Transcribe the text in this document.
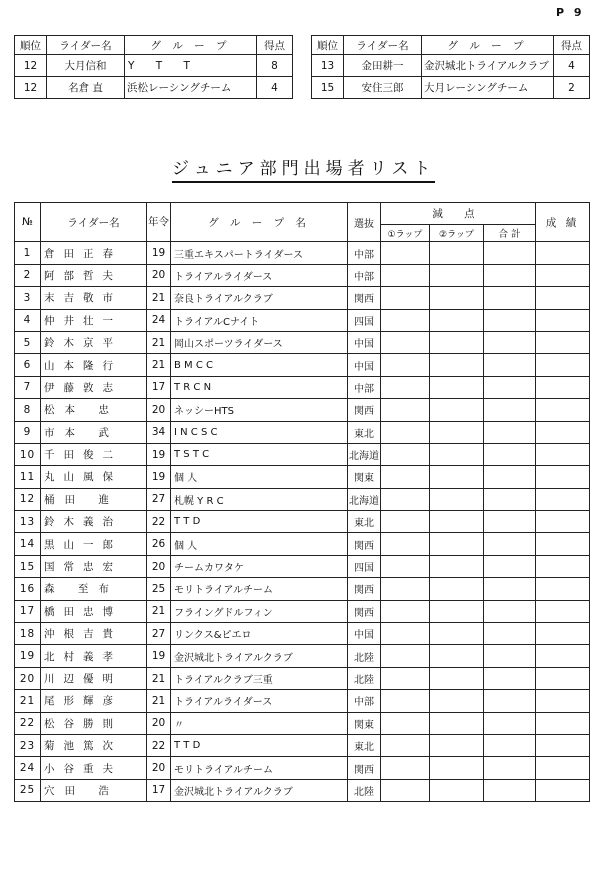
P 9
順位	ライダー名	グ ル ー プ	得点
12	大月信和	Y T T	8
12	名倉 直	浜松レーシングチーム	4
順位	ライダー名	グ ル ー プ	得点
13	金田耕一	金沢城北トライアルクラブ	4
15	安住三郎	大月レーシングチーム	2
ジュニア部門出場者リスト
№	ライダー名	年令	グ ル ー プ 名	選抜	減 点			成 績
					①ラップ	②ラップ	合 計	
1	倉田正春	19	三重エキスパートライダース	中部				
2	阿部哲夫	20	トライアルライダース	中部				
3	末吉敬市	21	奈良トライアルクラブ	関西				
4	仲井壮一	24	トライアルCナイト	四国				
5	鈴木京平	21	岡山スポーツライダース	中国				
6	山本隆行	21	B M C C	中国				
7	伊藤敦志	17	T R C N	中部				
8	松本 忠	20	ネッシーHTS	関西				
9	市本 武	34	I N C S C	東北				
10	千田俊二	19	T S T C	北海道				
11	丸山風保	19	個 人	関東				
12	桶田 進	27	札幌 Y R C	北海道				
13	鈴木義治	22	T T D	東北				
14	黒山一郎	26	個 人	関西				
15	国常忠宏	20	チームカワタケ	四国				
16	森 至布	25	モリトライアルチーム	関西				
17	橋田忠博	21	フライングドルフィン	関西				
18	沖根吉貴	27	リンクス&ピエロ	中国				
19	北村義孝	19	金沢城北トライアルクラブ	北陸				
20	川辺優明	21	トライアルクラブ三重	北陸				
21	尾形輝彦	21	トライアルライダース	中部				
22	松谷勝則	20	〃	関東				
23	菊池篤次	22	T T D	東北				
24	小谷重夫	20	モリトライアルチーム	関西				
25	穴田 浩	17	金沢城北トライアルクラブ	北陸				
